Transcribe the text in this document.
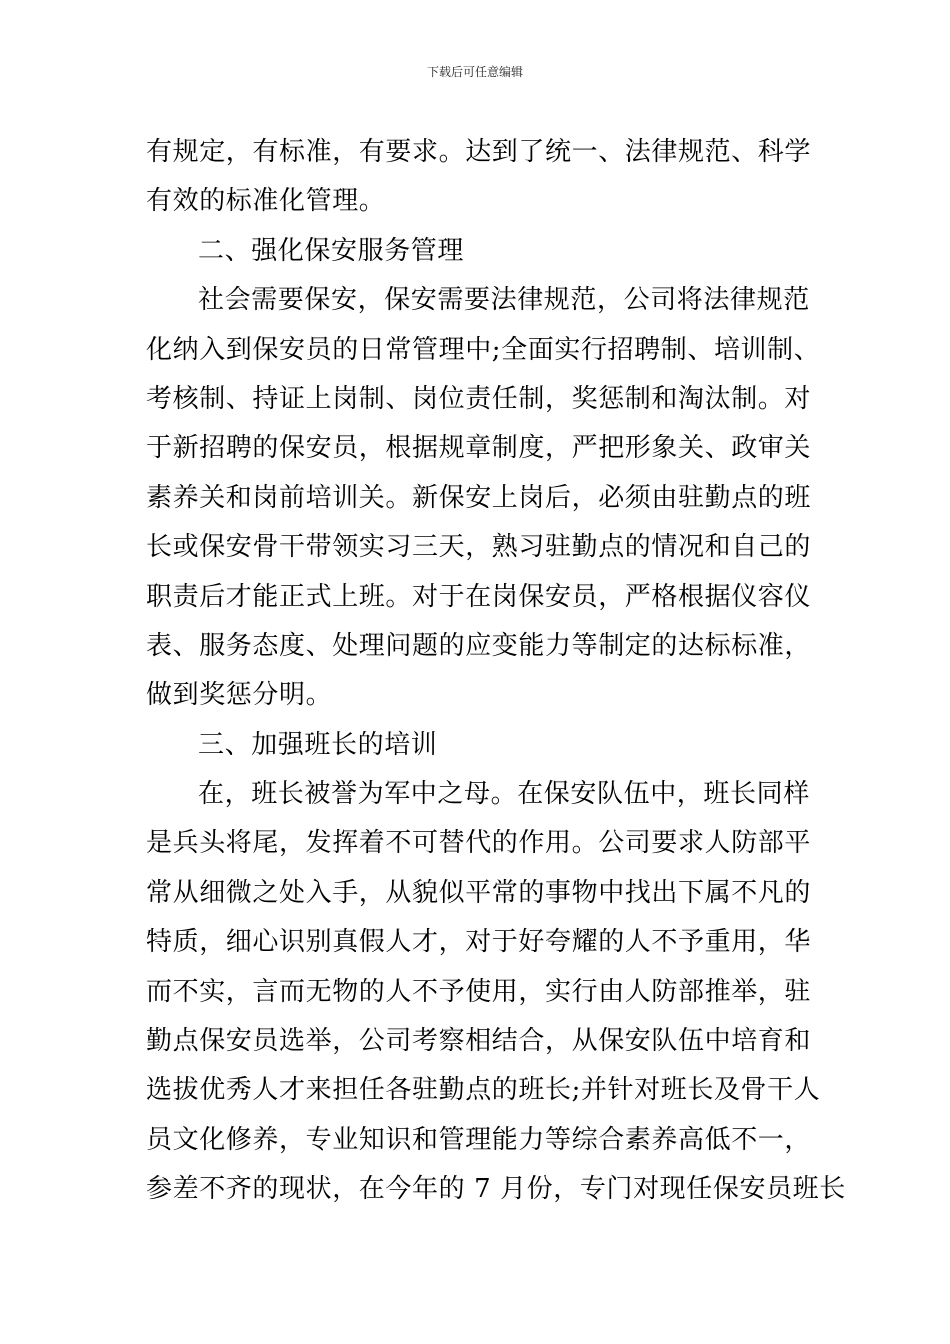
下载后可任意编辑
有规定，有标准，有要求。达到了统一、法律规范、科学
有效的标准化管理。
二、强化保安服务管理
社会需要保安，保安需要法律规范，公司将法律规范
化纳入到保安员的日常管理中;全面实行招聘制、培训制、
考核制、持证上岗制、岗位责任制，奖惩制和淘汰制。对
于新招聘的保安员，根据规章制度，严把形象关、政审关
素养关和岗前培训关。新保安上岗后，必须由驻勤点的班
长或保安骨干带领实习三天，熟习驻勤点的情况和自己的
职责后才能正式上班。对于在岗保安员，严格根据仪容仪
表、服务态度、处理问题的应变能力等制定的达标标准，
做到奖惩分明。
三、加强班长的培训
在，班长被誉为军中之母。在保安队伍中，班长同样
是兵头将尾，发挥着不可替代的作用。公司要求人防部平
常从细微之处入手，从貌似平常的事物中找出下属不凡的
特质，细心识别真假人才，对于好夸耀的人不予重用，华
而不实，言而无物的人不予使用，实行由人防部推举，驻
勤点保安员选举，公司考察相结合，从保安队伍中培育和
选拔优秀人才来担任各驻勤点的班长;并针对班长及骨干人
员文化修养，专业知识和管理能力等综合素养高低不一，
参差不齐的现状，在今年的 7 月份，专门对现任保安员班长
